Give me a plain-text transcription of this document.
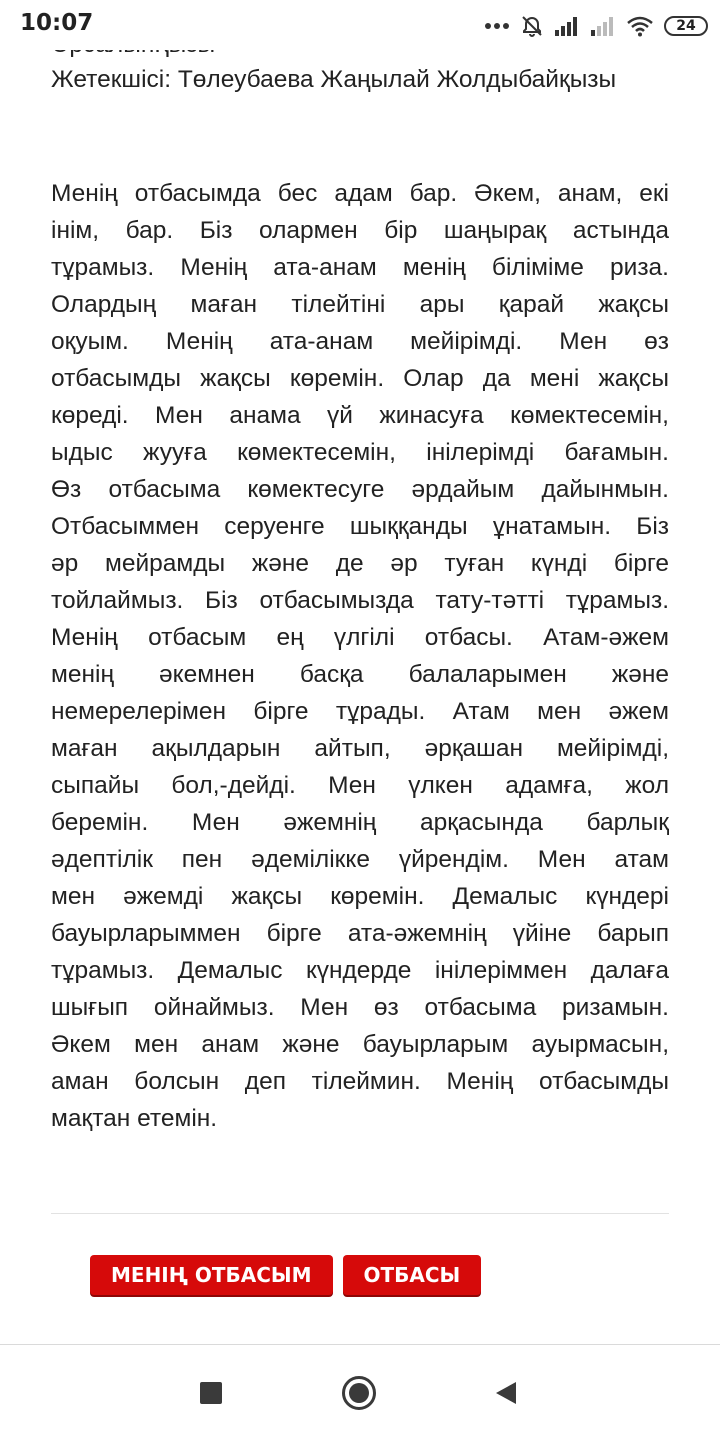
Жетекшісі: Төлеубаева Жаңылай Жолдыбайқызы
Менің отбасымда бес адам бар. Әкем, анам, екі
інім, бар. Біз олармен бір шаңырақ астында
тұрамыз. Менің ата-анам менің біліміме риза.
Олардың маған тілейтіні ары қарай жақсы
оқуым. Менің ата-анам мейірімді. Мен өз
отбасымды жақсы көремін. Олар да мені жақсы
көреді. Мен анама үй жинасуға көмектесемін,
ыдыс жууға көмектесемін, інілерімді бағамын.
Өз отбасыма көмектесуге әрдайым дайынмын.
Отбасыммен серуенге шыққанды ұнатамын. Біз
әр мейрамды және де әр туған күнді бірге
тойлаймыз. Біз отбасымызда тату-тәтті тұрамыз.
Менің отбасым ең үлгілі отбасы. Атам-әжем
менің әкемнен басқа балаларымен және
немерелерімен бірге тұрады. Атам мен әжем
маған ақылдарын айтып, әрқашан мейірімді,
сыпайы бол,-дейді. Мен үлкен адамға, жол
беремін. Мен әжемнің арқасында барлық
әдептілік пен әдемілікке үйрендім. Мен атам
мен әжемді жақсы көремін. Демалыс күндері
бауырларыммен бірге ата-әжемнің үйіне барып
тұрамыз. Демалыс күндерде інілеріммен далаға
шығып ойнаймыз. Мен өз отбасыма ризамын.
Әкем мен анам және бауырларым ауырмасын,
аман болсын деп тілеймин. Менің отбасымды
мақтан етемін.
10:07	24
МЕНІҢ ОТБАСЫМ	ОТБАСЫ
